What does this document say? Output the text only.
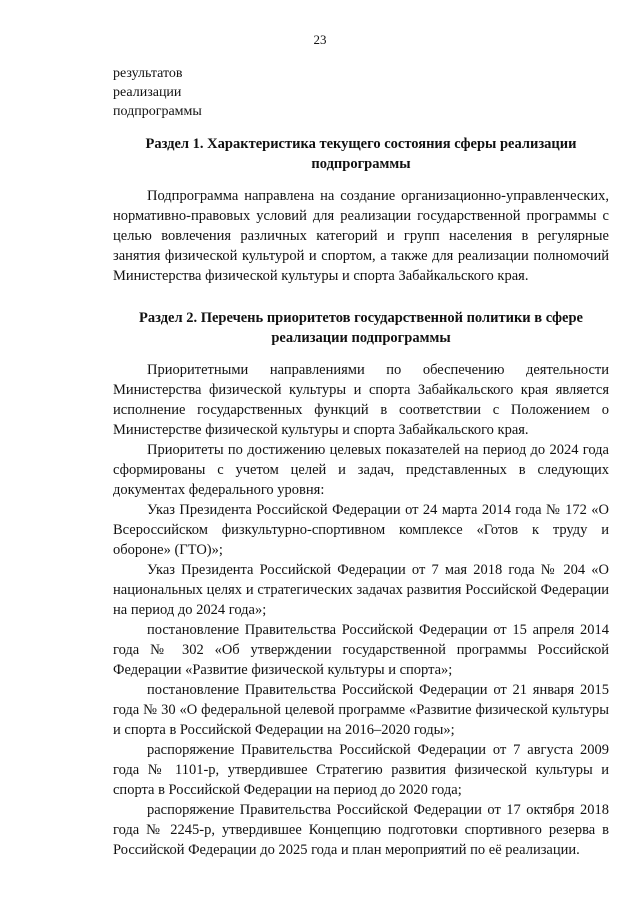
23
результатов
реализации
подпрограммы
Раздел 1. Характеристика текущего состояния сферы реализации подпрограммы

Подпрограмма направлена на создание организационно-управленческих, нормативно-правовых условий для реализации государственной программы с целью вовлечения различных категорий и групп населения в регулярные занятия физической культурой и спортом, а также для реализации полномочий Министерства физической культуры и спорта Забайкальского края.

Раздел 2. Перечень приоритетов государственной политики в сфере реализации подпрограммы

Приоритетными направлениями по обеспечению деятельности Министерства физической культуры и спорта Забайкальского края является исполнение государственных функций в соответствии с Положением о Министерстве физической культуры и спорта Забайкальского края.

Приоритеты по достижению целевых показателей на период до 2024 года сформированы с учетом целей и задач, представленных в следующих документах федерального уровня:

Указ Президента Российской Федерации от 24 марта 2014 года № 172 «О Всероссийском физкультурно-спортивном комплексе «Готов к труду и обороне» (ГТО)»;

Указ Президента Российской Федерации от 7 мая 2018 года № 204 «О национальных целях и стратегических задачах развития Российской Федерации на период до 2024 года»;

постановление Правительства Российской Федерации от 15 апреля 2014 года № 302 «Об утверждении государственной программы Российской Федерации «Развитие физической культуры и спорта»;

постановление Правительства Российской Федерации от 21 января 2015 года № 30 «О федеральной целевой программе «Развитие физической культуры и спорта в Российской Федерации на 2016–2020 годы»;

распоряжение Правительства Российской Федерации от 7 августа 2009 года № 1101-р, утвердившее Стратегию развития физической культуры и спорта в Российской Федерации на период до 2020 года;

распоряжение Правительства Российской Федерации от 17 октября 2018 года № 2245-р, утвердившее Концепцию подготовки спортивного резерва в Российской Федерации до 2025 года и план мероприятий по её реализации.
